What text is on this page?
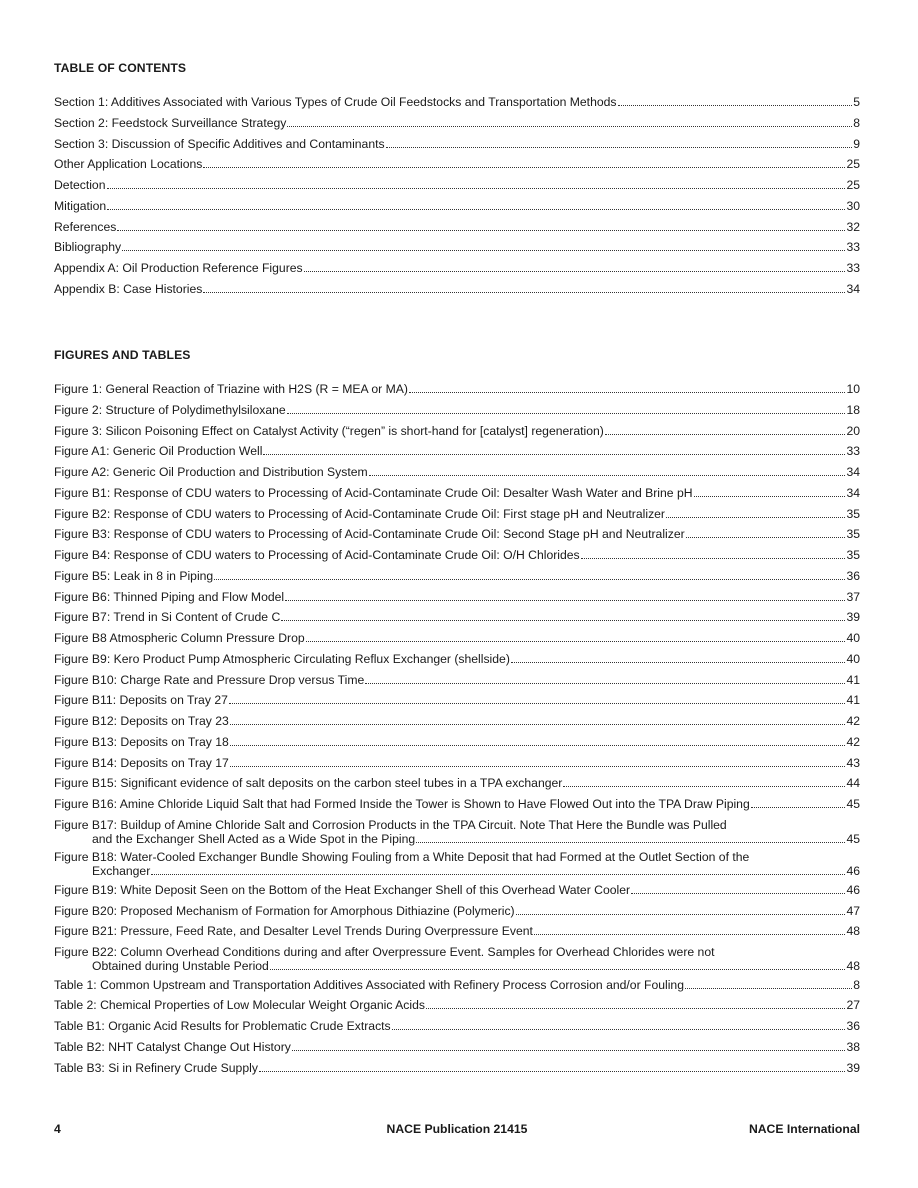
TABLE OF CONTENTS
Section 1: Additives Associated with Various Types of Crude Oil Feedstocks and Transportation Methods	5
Section 2: Feedstock Surveillance Strategy	8
Section 3: Discussion of Specific Additives and Contaminants	9
Other Application Locations	25
Detection	25
Mitigation	30
References	32
Bibliography	33
Appendix A: Oil Production Reference Figures	33
Appendix B: Case Histories	34
FIGURES AND TABLES
Figure 1: General Reaction of Triazine with H2S (R = MEA or MA)	10
Figure 2: Structure of Polydimethylsiloxane	18
Figure 3: Silicon Poisoning Effect on Catalyst Activity (“regen” is short-hand for [catalyst] regeneration)	20
Figure A1: Generic Oil Production Well	33
Figure A2: Generic Oil Production and Distribution System	34
Figure B1: Response of CDU waters to Processing of Acid-Contaminate Crude Oil: Desalter Wash Water and Brine pH	34
Figure B2: Response of CDU waters to Processing of Acid-Contaminate Crude Oil: First stage pH and Neutralizer	35
Figure B3: Response of CDU waters to Processing of Acid-Contaminate Crude Oil: Second Stage pH and Neutralizer	35
Figure B4: Response of CDU waters to Processing of Acid-Contaminate Crude Oil: O/H Chlorides	35
Figure B5: Leak in 8 in Piping	36
Figure B6: Thinned Piping and Flow Model	37
Figure B7: Trend in Si Content of Crude C	39
Figure B8 Atmospheric Column Pressure Drop	40
Figure B9: Kero Product Pump Atmospheric Circulating Reflux Exchanger (shellside)	40
Figure B10: Charge Rate and Pressure Drop versus Time	41
Figure B11: Deposits on Tray 27	41
Figure B12: Deposits on Tray 23	42
Figure B13: Deposits on Tray 18	42
Figure B14: Deposits on Tray 17	43
Figure B15: Significant evidence of salt deposits on the carbon steel tubes in a TPA exchanger	44
Figure B16: Amine Chloride Liquid Salt that had Formed Inside the Tower is Shown to Have Flowed Out into the TPA Draw Piping	45
Figure B17: Buildup of Amine Chloride Salt and Corrosion Products in the TPA Circuit. Note That Here the Bundle was Pulled
and the Exchanger Shell Acted as a Wide Spot in the Piping	45
Figure B18: Water-Cooled Exchanger Bundle Showing Fouling from a White Deposit that had Formed at the Outlet Section of the
Exchanger	46
Figure B19: White Deposit Seen on the Bottom of the Heat Exchanger Shell of this Overhead Water Cooler	46
Figure B20: Proposed Mechanism of Formation for Amorphous Dithiazine (Polymeric)	47
Figure B21: Pressure, Feed Rate, and Desalter Level Trends During Overpressure Event	48
Figure B22: Column Overhead Conditions during and after Overpressure Event. Samples for Overhead Chlorides were not
Obtained during Unstable Period	48
Table 1: Common Upstream and Transportation Additives Associated with Refinery Process Corrosion and/or Fouling	8
Table 2: Chemical Properties of Low Molecular Weight Organic Acids	27
Table B1: Organic Acid Results for Problematic Crude Extracts	36
Table B2: NHT Catalyst Change Out History	38
Table B3: Si in Refinery Crude Supply	39
4	NACE Publication 21415	NACE International
